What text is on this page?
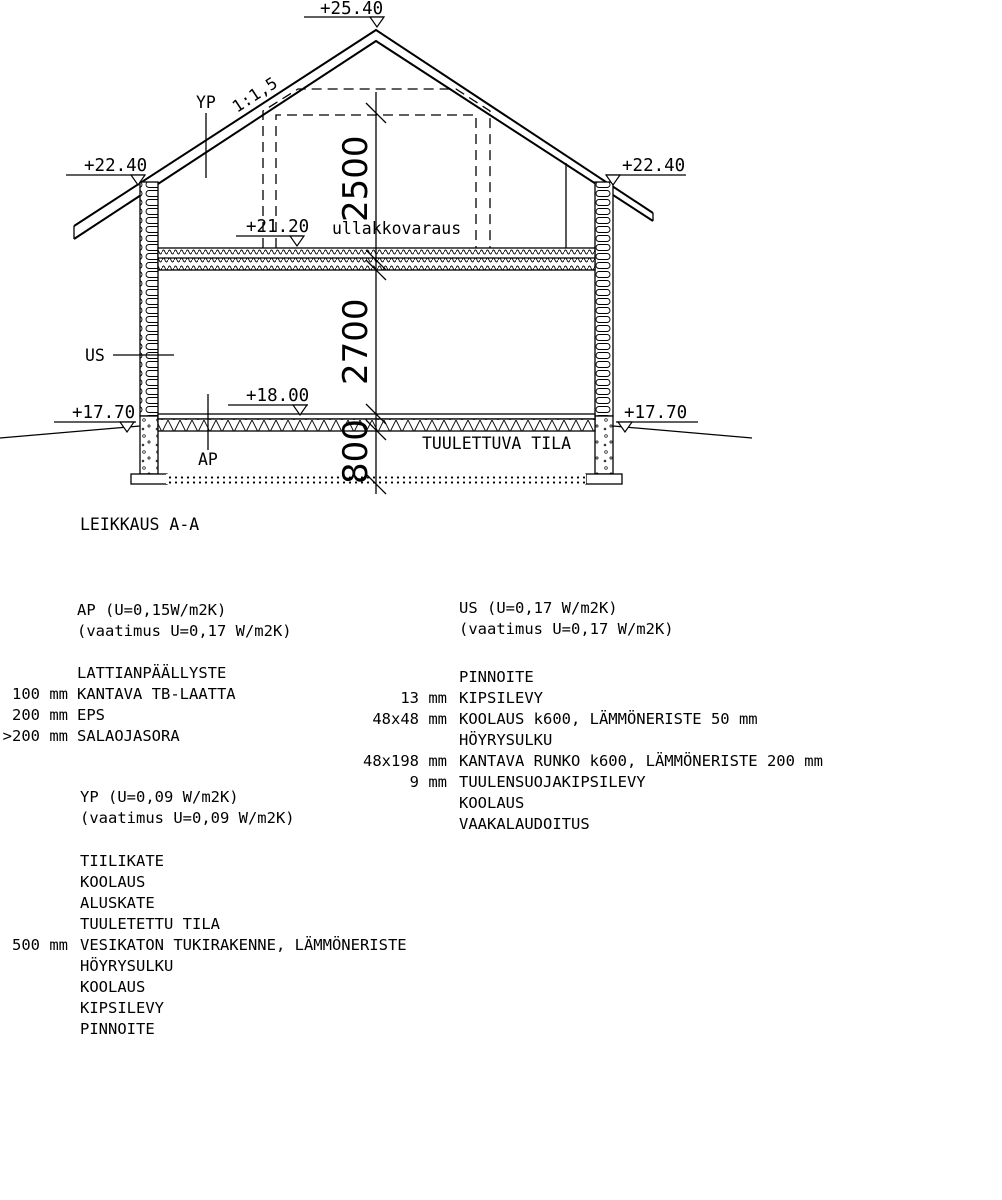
+25.40
+22.40	+22.40
+21.20
+18.00
+17.70	+17.70
2500
2700
800
1:1,5
YP
US
AP
ullakkovaraus
TUULETTUVA TILA
LEIKKAUS A-A
AP (U=0,15W/m2K)
(vaatimus U=0,17 W/m2K)
LATTIANPÄÄLLYSTE
100 mm KANTAVA TB-LAATTA
200 mm EPS
>200 mm SALAOJASORA
YP (U=0,09 W/m2K)
(vaatimus U=0,09 W/m2K)
TIILIKATE
KOOLAUS
ALUSKATE
TUULETETTU TILA
500 mm VESIKATON TUKIRAKENNE, LÄMMÖNERISTE
HÖYRYSULKU
KOOLAUS
KIPSILEVY
PINNOITE
US (U=0,17 W/m2K)
(vaatimus U=0,17 W/m2K)
PINNOITE
13 mm KIPSILEVY
48x48 mm KOOLAUS k600, LÄMMÖNERISTE 50 mm
HÖYRYSULKU
48x198 mm KANTAVA RUNKO k600, LÄMMÖNERISTE 200 mm
9 mm TUULENSUOJAKIPSILEVY
KOOLAUS
VAAKALAUDOITUS
